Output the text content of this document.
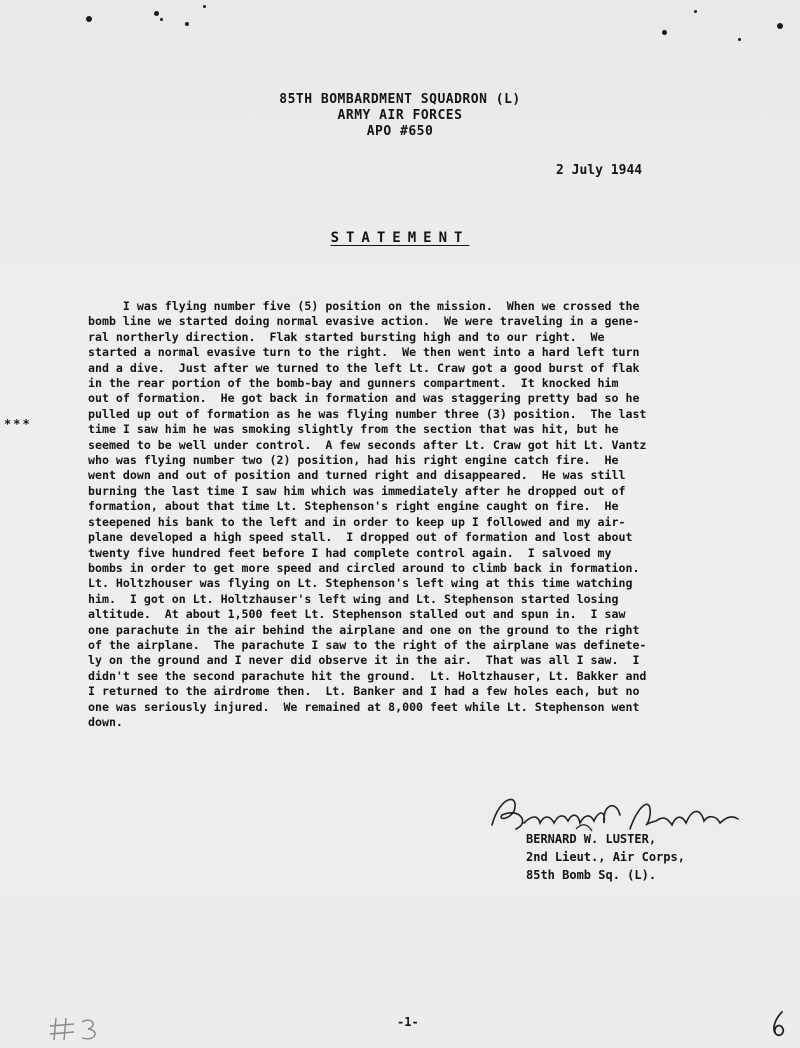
85TH BOMBARDMENT SQUADRON (L)
ARMY AIR FORCES
APO #650
2 July 1944
STATEMENT
***
I was flying number five (5) position on the mission.  When we crossed the
bomb line we started doing normal evasive action.  We were traveling in a gene-
ral northerly direction.  Flak started bursting high and to our right.  We
started a normal evasive turn to the right.  We then went into a hard left turn
and a dive.  Just after we turned to the left Lt. Craw got a good burst of flak
in the rear portion of the bomb-bay and gunners compartment.  It knocked him
out of formation.  He got back in formation and was staggering pretty bad so he
pulled up out of formation as he was flying number three (3) position.  The last
time I saw him he was smoking slightly from the section that was hit, but he
seemed to be well under control.  A few seconds after Lt. Craw got hit Lt. Vantz
who was flying number two (2) position, had his right engine catch fire.  He
went down and out of position and turned right and disappeared.  He was still
burning the last time I saw him which was immediately after he dropped out of
formation, about that time Lt. Stephenson's right engine caught on fire.  He
steepened his bank to the left and in order to keep up I followed and my air-
plane developed a high speed stall.  I dropped out of formation and lost about
twenty five hundred feet before I had complete control again.  I salvoed my
bombs in order to get more speed and circled around to climb back in formation.
Lt. Holtzhouser was flying on Lt. Stephenson's left wing at this time watching
him.  I got on Lt. Holtzhauser's left wing and Lt. Stephenson started losing
altitude.  At about 1,500 feet Lt. Stephenson stalled out and spun in.  I saw
one parachute in the air behind the airplane and one on the ground to the right
of the airplane.  The parachute I saw to the right of the airplane was definete-
ly on the ground and I never did observe it in the air.  That was all I saw.  I
didn't see the second parachute hit the ground.  Lt. Holtzhauser, Lt. Bakker and
I returned to the airdrome then.  Lt. Banker and I had a few holes each, but no
one was seriously injured.  We remained at 8,000 feet while Lt. Stephenson went
down.
BERNARD W. LUSTER,
2nd Lieut., Air Corps,
85th Bomb Sq. (L).
-1-
